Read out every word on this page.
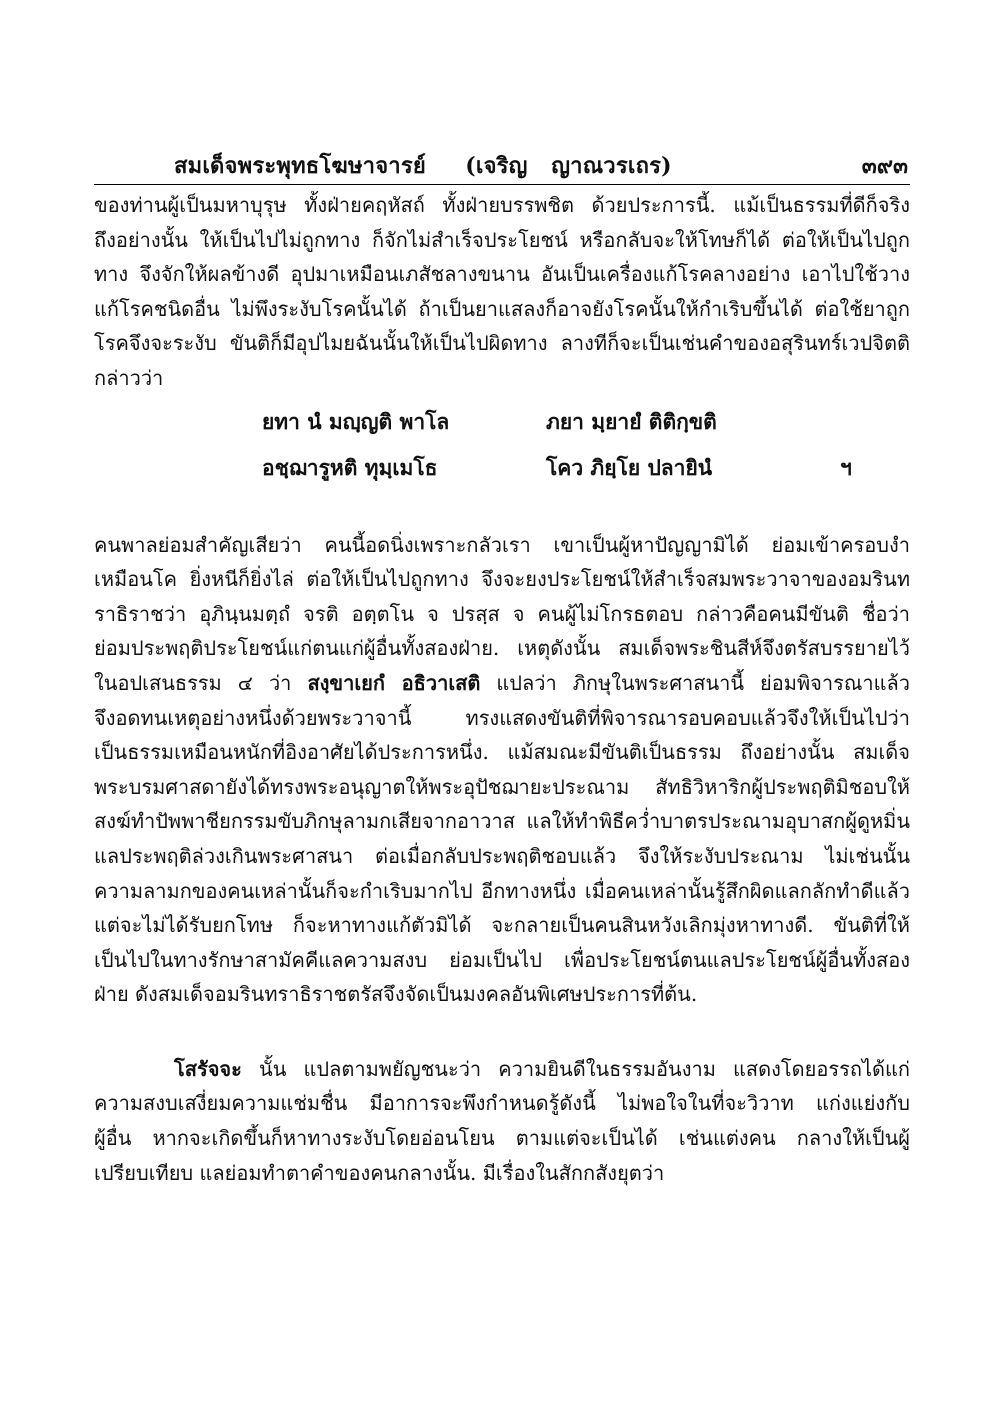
สมเด็จพระพุทธโฆษาจารย์     (เจริญ   ญาณวรเถร)	๓๙๓
ของท่านผู้เป็นมหาบุรุษ ทั้งฝ่ายคฤหัสถ์ ทั้งฝ่ายบรรพชิต ด้วยประการนี้. แม้เป็นธรรมที่ดีก็จริง
ถึงอย่างนั้น ให้เป็นไปไม่ถูกทาง ก็จักไม่สำเร็จประโยชน์ หรือกลับจะให้โทษก็ได้ ต่อให้เป็นไปถูก
ทาง จึงจักให้ผลข้างดี อุปมาเหมือนเภสัชลางขนาน อันเป็นเครื่องแก้โรคลางอย่าง เอาไปใช้วาง
แก้โรคชนิดอื่น ไม่พึงระงับโรคนั้นได้ ถ้าเป็นยาแสลงก็อาจยังโรคนั้นให้กำเริบขึ้นได้ ต่อใช้ยาถูก
โรคจึงจะระงับ ขันติก็มีอุปไมยฉันนั้นให้เป็นไปผิดทาง ลางทีก็จะเป็นเช่นคำของอสุรินทร์เวปจิตติ
กล่าวว่า
ยทา นํ มญฺญติ พาโล	ภยา มฺยายํ ติติกฺขติ
อชฺฌารูหติ ทุมฺเมโธ	โคว ภิยฺโย ปลายินํ	ฯ
คนพาลย่อมสำคัญเสียว่า คนนี้อดนิ่งเพราะกลัวเรา เขาเป็นผู้หาปัญญามิได้ ย่อมเข้าครอบงำ
เหมือนโค ยิ่งหนีก็ยิ่งไล่ ต่อให้เป็นไปถูกทาง จึงจะยงประโยชน์ให้สำเร็จสมพระวาจาของอมรินท
ราธิราชว่า อุภินฺนมตฺถํ จรติ อตฺตโน จ ปรสฺส จ คนผู้ไม่โกรธตอบ กล่าวคือคนมีขันติ ชื่อว่า
ย่อมประพฤติประโยชน์แก่ตนแก่ผู้อื่นทั้งสองฝ่าย. เหตุดังนั้น สมเด็จพระชินสีห์จึงตรัสบรรยายไว้
ในอปเสนธรรม ๔ ว่า สงฺขาเยกํ อธิวาเสติ แปลว่า ภิกษุในพระศาสนานี้ ย่อมพิจารณาแล้ว
จึงอดทนเหตุอย่างหนึ่งด้วยพระวาจานี้ ทรงแสดงขันติที่พิจารณารอบคอบแล้วจึงให้เป็นไปว่า
เป็นธรรมเหมือนหนักที่อิงอาศัยได้ประการหนึ่ง. แม้สมณะมีขันติเป็นธรรม ถึงอย่างนั้น สมเด็จ
พระบรมศาสดายังได้ทรงพระอนุญาตให้พระอุปัชฌายะประณาม สัทธิวิหาริกผู้ประพฤติมิชอบให้
สงฆ์ทำปัพพาชียกรรมขับภิกษุลามกเสียจากอาวาส แลให้ทำพิธีคว่ำบาตรประณามอุบาสกผู้ดูหมิ่น
แลประพฤติล่วงเกินพระศาสนา ต่อเมื่อกลับประพฤติชอบแล้ว จึงให้ระงับประณาม ไม่เช่นนั้น
ความลามกของคนเหล่านั้นก็จะกำเริบมากไป อีกทางหนึ่ง เมื่อคนเหล่านั้นรู้สึกผิดแลกลักทำดีแล้ว
แต่จะไม่ได้รับยกโทษ ก็จะหาทางแก้ตัวมิได้ จะกลายเป็นคนสินหวังเลิกมุ่งหาทางดี. ขันติที่ให้
เป็นไปในทางรักษาสามัคคีแลความสงบ ย่อมเป็นไป เพื่อประโยชน์ตนแลประโยชน์ผู้อื่นทั้งสอง
ฝ่าย ดังสมเด็จอมรินทราธิราชตรัสจึงจัดเป็นมงคลอันพิเศษประการที่ต้น.
โสรัจจะ นั้น แปลตามพยัญชนะว่า ความยินดีในธรรมอันงาม แสดงโดยอรรถได้แก่
ความสงบเสงี่ยมความแช่มชื่น มีอาการจะพึงกำหนดรู้ดังนี้ ไม่พอใจในที่จะวิวาท แก่งแย่งกับ
ผู้อื่น หากจะเกิดขึ้นก็หาทางระงับโดยอ่อนโยน ตามแต่จะเป็นได้ เช่นแต่งคน กลางให้เป็นผู้
เปรียบเทียบ แลย่อมทำตาคำของคนกลางนั้น. มีเรื่องในสักกสังยุตว่า
